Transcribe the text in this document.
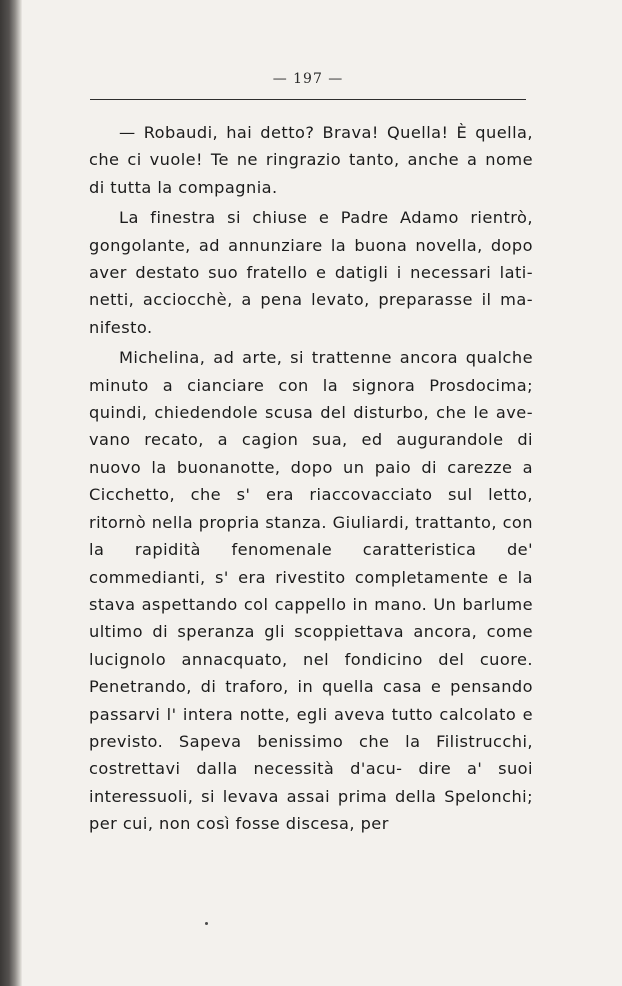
— 197 —

— Robaudi, hai detto? Brava! Quella! È quella, che ci vuole! Te ne ringrazio tanto, anche a nome di tutta la compagnia.

La finestra si chiuse e Padre Adamo rientrò, gongolante, ad annunziare la buona novella, dopo aver destato suo fratello e datigli i necessari lati- netti, acciocchè, a pena levato, preparasse il ma- nifesto.

Michelina, ad arte, si trattenne ancora qualche minuto a cianciare con la signora Prosdocima; quindi, chiedendole scusa del disturbo, che le ave- vano recato, a cagion sua, ed augurandole di nuovo la buonanotte, dopo un paio di carezze a Cicchetto, che s' era riaccovacciato sul letto, ritornò nella propria stanza. Giuliardi, trattanto, con la rapidità fenomenale caratteristica de' commedianti, s' era rivestito completamente e la stava aspettando col cappello in mano. Un barlume ultimo di speranza gli scoppiettava ancora, come lucignolo annacquato, nel fondicino del cuore. Penetrando, di traforo, in quella casa e pensando passarvi l' intera notte, egli aveva tutto calcolato e previsto. Sapeva benissimo che la Filistrucchi, costrettavi dalla necessità d'acu- dire a' suoi interessuoli, si levava assai prima della Spelonchi; per cui, non così fosse discesa, per
